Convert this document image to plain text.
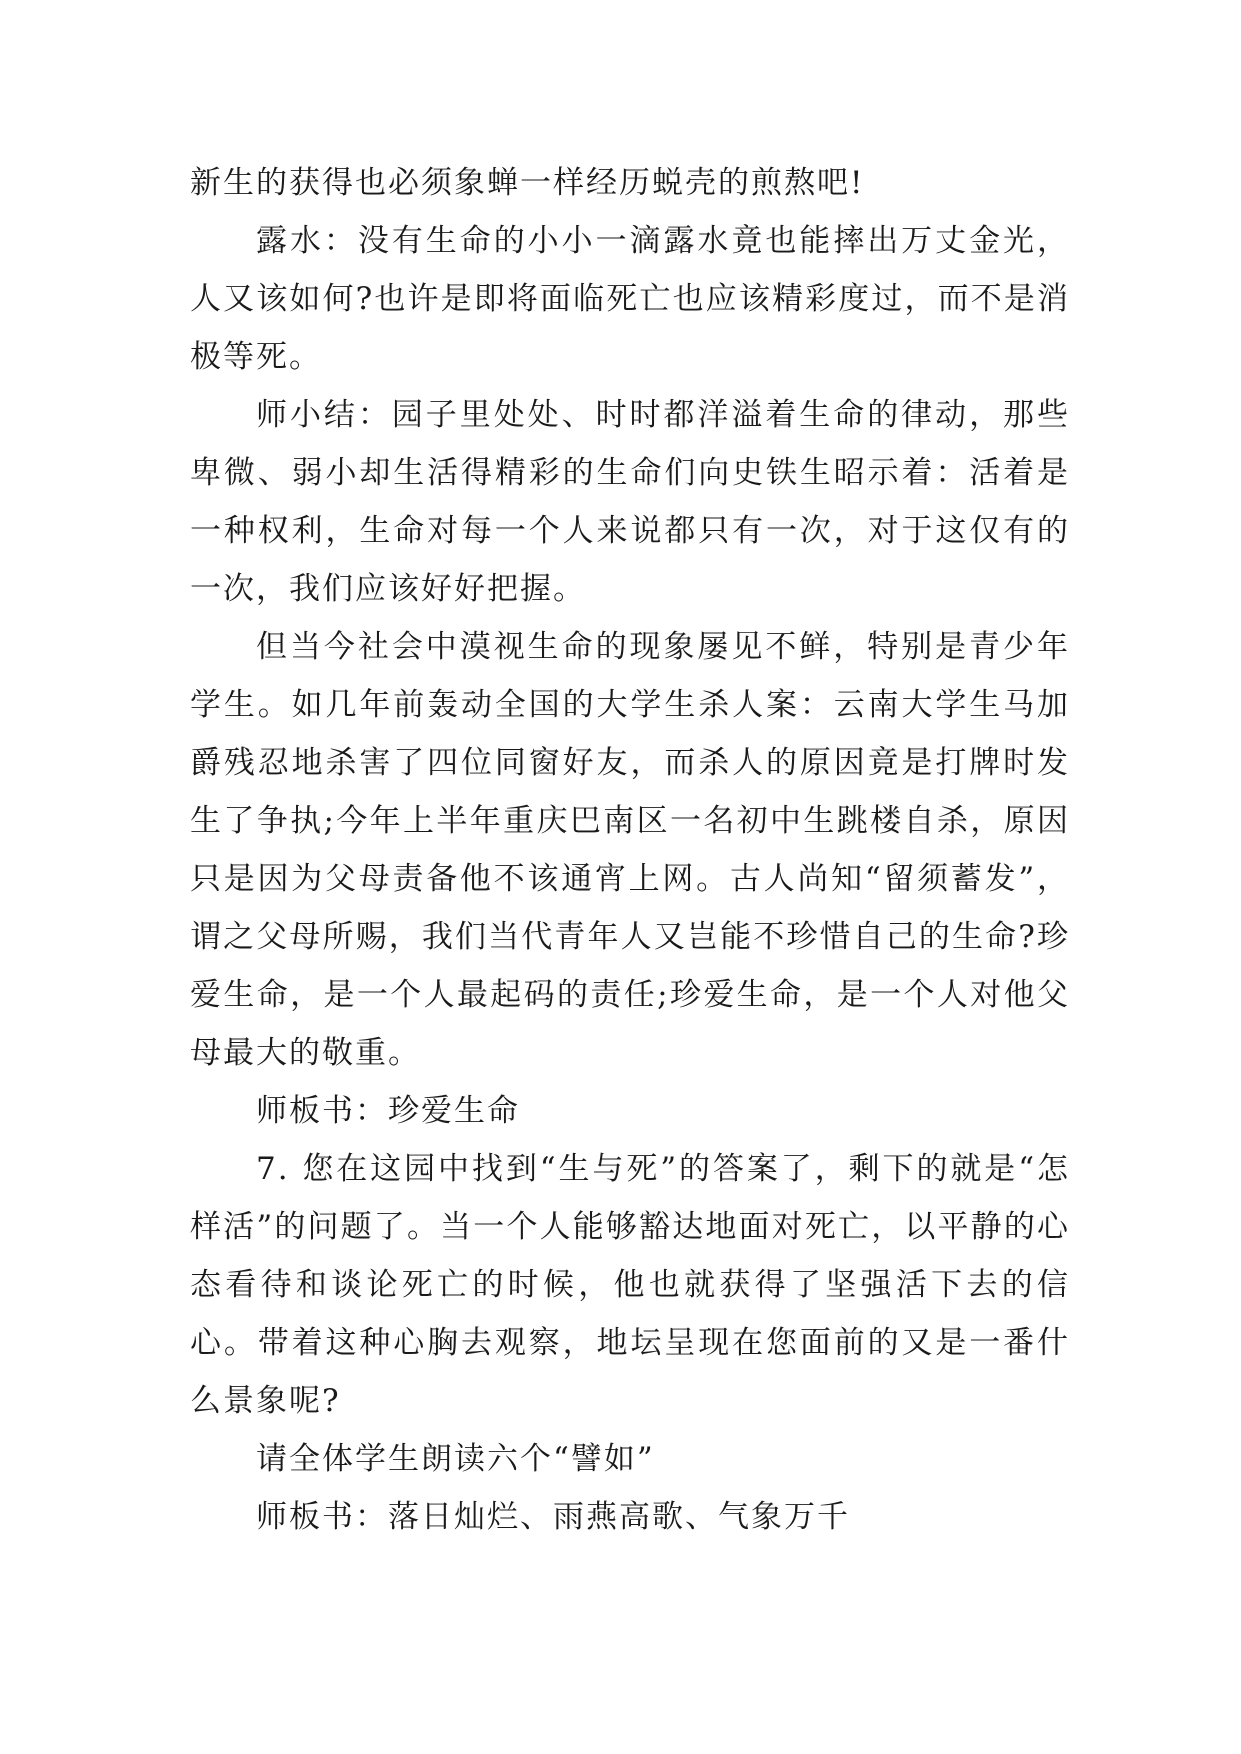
新生的获得也必须象蝉一样经历蜕壳的煎熬吧!

露水：没有生命的小小一滴露水竟也能摔出万丈金光，人又该如何?也许是即将面临死亡也应该精彩度过，而不是消极等死。

师小结：园子里处处、时时都洋溢着生命的律动，那些卑微、弱小却生活得精彩的生命们向史铁生昭示着：活着是一种权利，生命对每一个人来说都只有一次，对于这仅有的一次，我们应该好好把握。

但当今社会中漠视生命的现象屡见不鲜，特别是青少年学生。如几年前轰动全国的大学生杀人案：云南大学生马加爵残忍地杀害了四位同窗好友，而杀人的原因竟是打牌时发生了争执;今年上半年重庆巴南区一名初中生跳楼自杀，原因只是因为父母责备他不该通宵上网。古人尚知“留须蓄发”，谓之父母所赐，我们当代青年人又岂能不珍惜自己的生命?珍爱生命，是一个人最起码的责任;珍爱生命，是一个人对他父母最大的敬重。

师板书：珍爱生命

7. 您在这园中找到“生与死”的答案了，剩下的就是“怎样活”的问题了。当一个人能够豁达地面对死亡，以平静的心态看待和谈论死亡的时候，他也就获得了坚强活下去的信心。带着这种心胸去观察，地坛呈现在您面前的又是一番什么景象呢?

请全体学生朗读六个“譬如”

师板书：落日灿烂、雨燕高歌、气象万千
